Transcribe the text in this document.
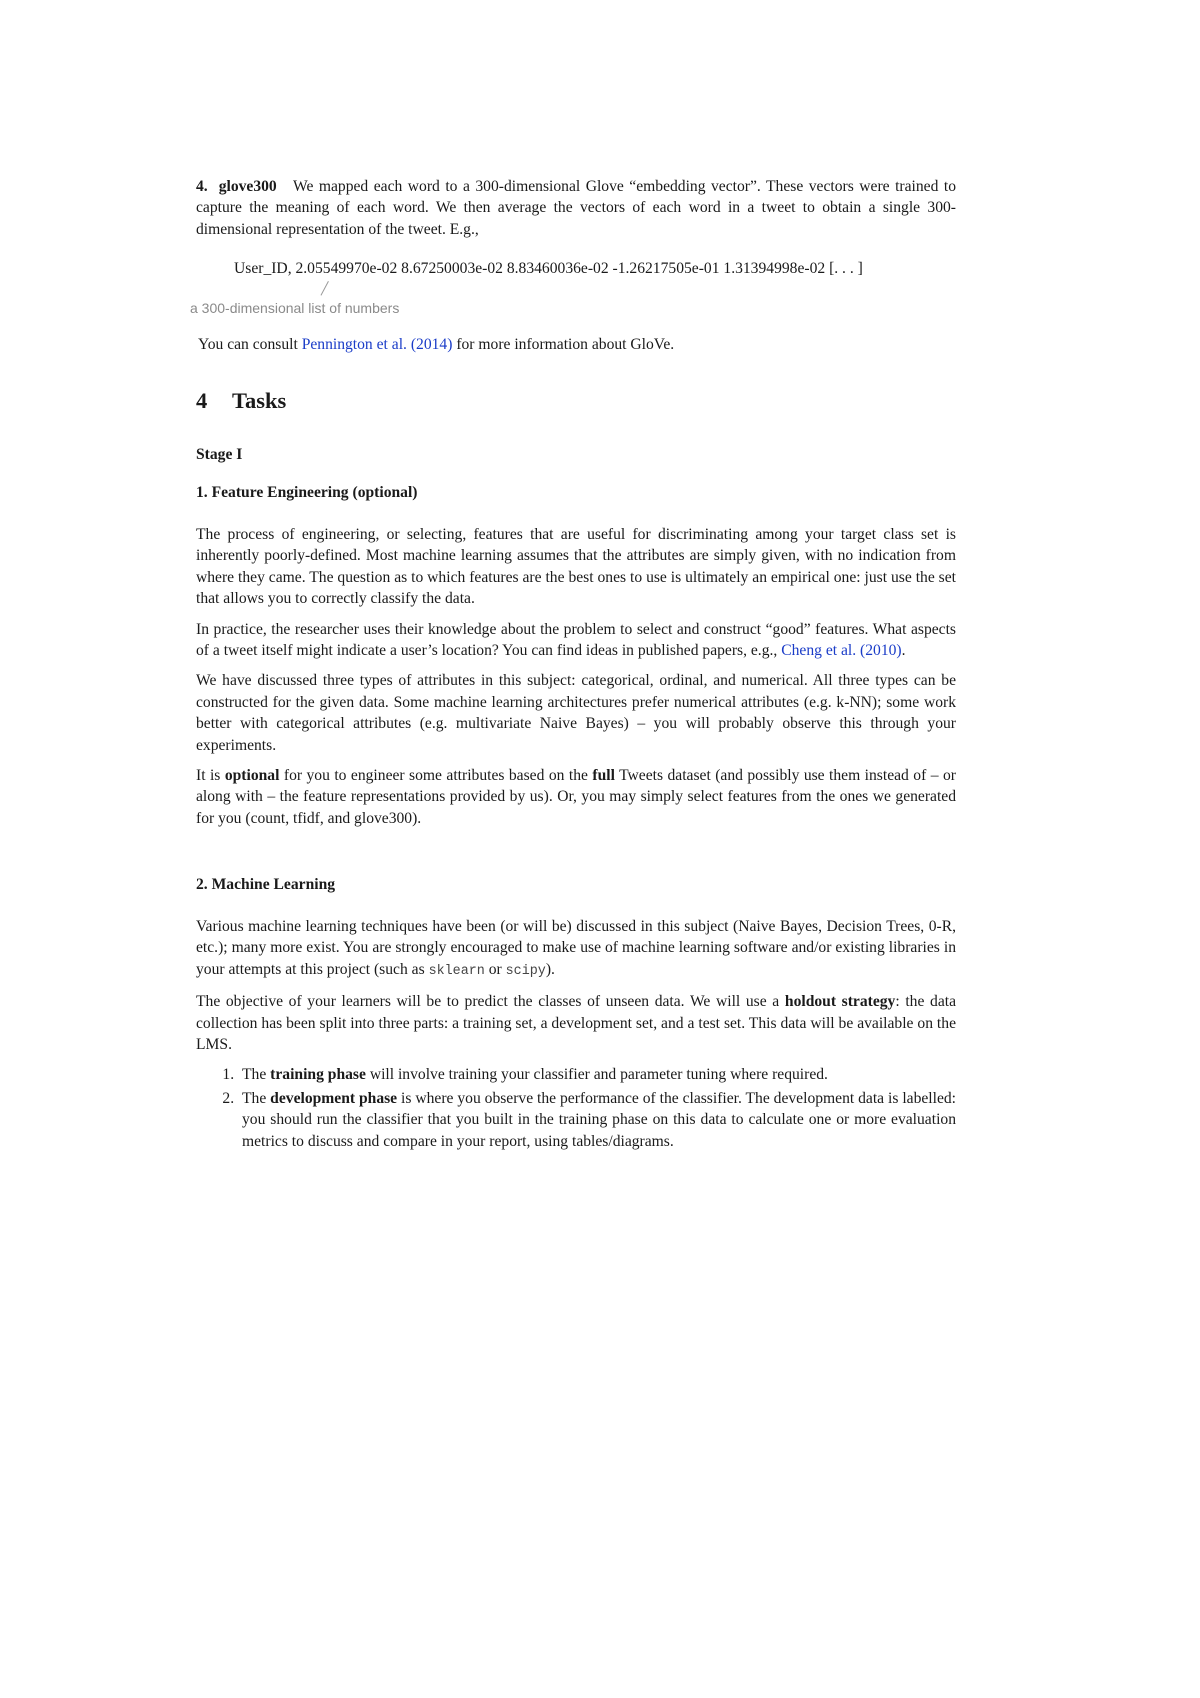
4.  glove300 We mapped each word to a 300-dimensional Glove “embedding vector”. These vectors were trained to capture the meaning of each word. We then average the vectors of each word in a tweet to obtain a single 300-dimensional representation of the tweet. E.g.,

User_ID, 2.05549970e-02 8.67250003e-02 8.83460036e-02 -1.26217505e-01 1.31394998e-02 [. . . ]
a 300-dimensional list of numbers

You can consult Pennington et al. (2014) for more information about GloVe.

4 Tasks
Stage I
1. Feature Engineering (optional)

The process of engineering, or selecting, features that are useful for discriminating among your target class set is inherently poorly-defined. Most machine learning assumes that the attributes are simply given, with no indication from where they came. The question as to which features are the best ones to use is ultimately an empirical one: just use the set that allows you to correctly classify the data.

In practice, the researcher uses their knowledge about the problem to select and construct “good” features. What aspects of a tweet itself might indicate a user’s location? You can find ideas in published papers, e.g., Cheng et al. (2010).

We have discussed three types of attributes in this subject: categorical, ordinal, and numerical. All three types can be constructed for the given data. Some machine learning architectures prefer numerical attributes (e.g. k-NN); some work better with categorical attributes (e.g. multivariate Naive Bayes) – you will probably observe this through your experiments.

It is optional for you to engineer some attributes based on the full Tweets dataset (and possibly use them instead of – or along with – the feature representations provided by us). Or, you may simply select features from the ones we generated for you (count, tfidf, and glove300).

2. Machine Learning

Various machine learning techniques have been (or will be) discussed in this subject (Naive Bayes, Decision Trees, 0-R, etc.); many more exist. You are strongly encouraged to make use of machine learning software and/or existing libraries in your attempts at this project (such as sklearn or scipy).

The objective of your learners will be to predict the classes of unseen data. We will use a holdout strategy: the data collection has been split into three parts: a training set, a development set, and a test set. This data will be available on the LMS.

1. The training phase will involve training your classifier and parameter tuning where required.
2. The development phase is where you observe the performance of the classifier. The development data is labelled: you should run the classifier that you built in the training phase on this data to calculate one or more evaluation metrics to discuss and compare in your report, using tables/diagrams.
